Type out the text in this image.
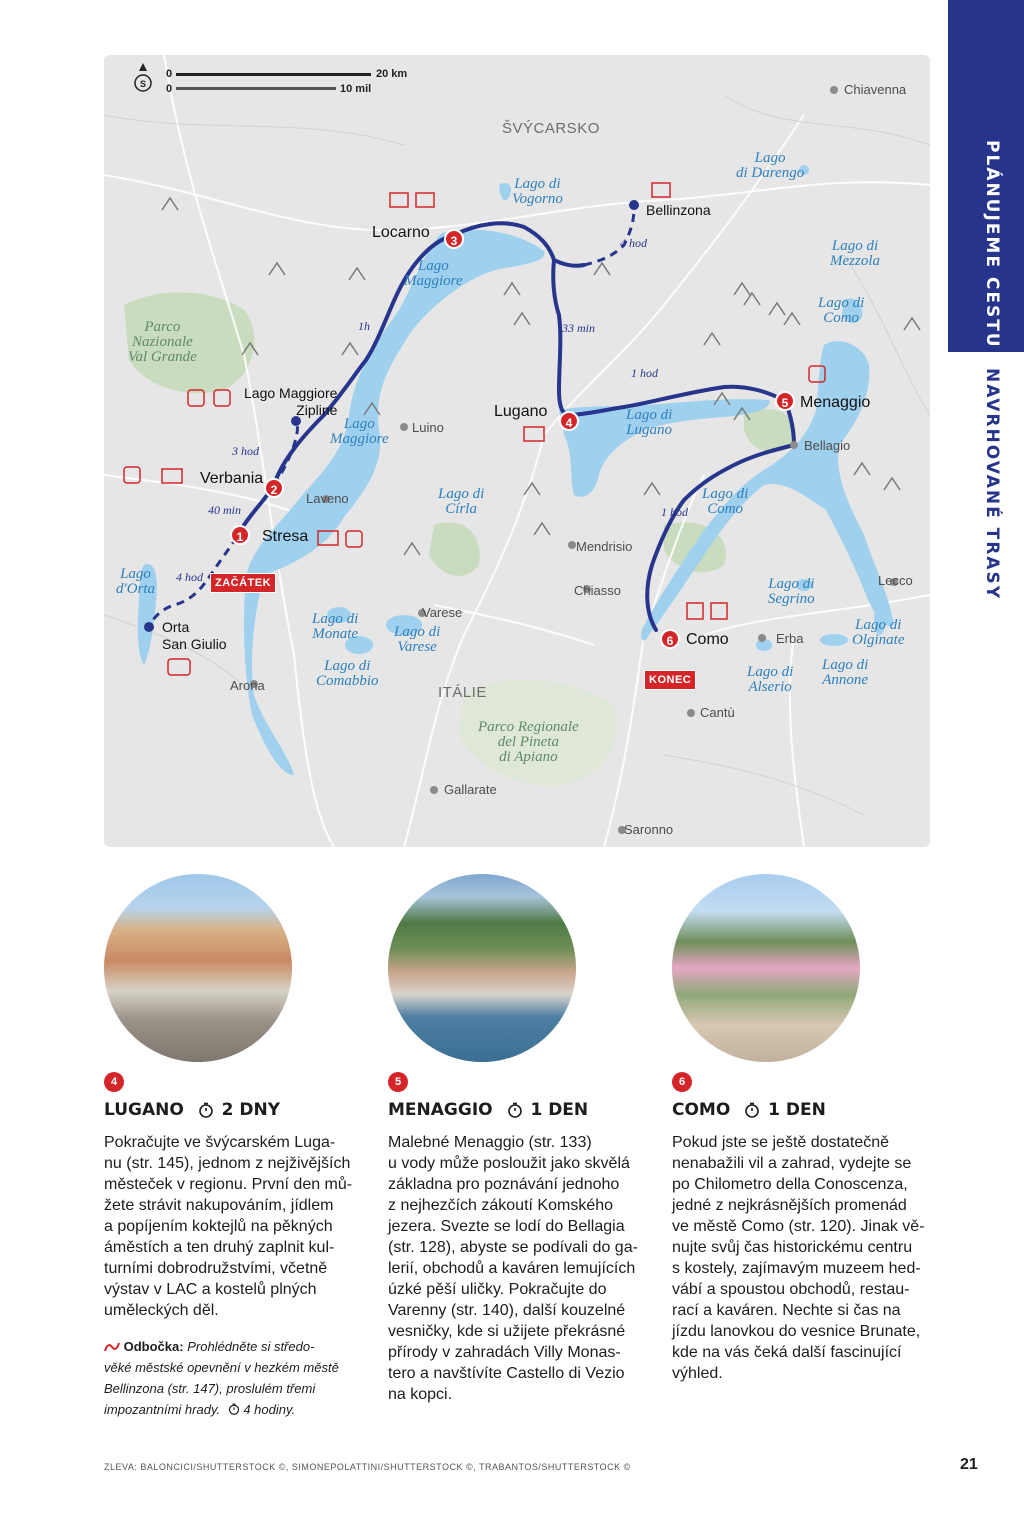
PLÁNUJEME CESTU
NAVRHOVANÉ TRASY
S
0
0
20 km
10 mil
ŠVÝCARSKO
ITÁLIE
Parco
Nazionale
Val Grande
Parco Regionale
del Pineta
di Apiano
Lago di
Vogorno
Lago
di Darengo
Lago di
Mezzola
Lago
Maggiore
Lago di
Como
Lago
Maggiore
Lago di
Lugano
Lago di
Como
Lago di
Círla
Lago
d'Orta
Lago di
Monate Lago di
Varese
Lago di
Comabbio
Lago di
Segrino
Lago di
Olginate
Lago di
Alserio
Lago di
Annone
Chiavenna
Luino
Laveno
Bellagio
Mendrisio
Chiasso
Varese
Erba
Lecco
Arona
Cantù
Gallarate
Saronno
Bellinzona
Lago Maggiore
Zipline
Orta
San Giulio
40 min
3 hod
4 hod
1h
4 hod
33 min
1 hod
1 hod
1	Stresa
ZAČÁTEK
2
Verbania
3
Locarno
4
Lugano	5 Menaggio
6 Como
KONEC
4
LUGANO 2 DNY
Pokračujte ve švýcarském Luga-
nu (str. 145), jednom z nejživějších
městeček v regionu. První den mů-
žete strávit nakupováním, jídlem
a popíjením koktejlů na pěkných
áměstích a ten druhý zaplnit kul-
turními dobrodružstvími, včetně
výstav v LAC a kostelů plných
uměleckých děl.
Odbočka: Prohlédněte si středo-
věké městské opevnění v hezkém městě
Bellinzona (str. 147), proslulém třemi
impozantními hrady. 4 hodiny.
5
MENAGGIO 1 DEN
Malebné Menaggio (str. 133)
u vody může posloužit jako skvělá
základna pro poznávání jednoho
z nejhezčích zákoutí Komského
jezera. Svezte se lodí do Bellagia
(str. 128), abyste se podívali do ga-
lerií, obchodů a kaváren lemujících
úzké pěší uličky. Pokračujte do
Varenny (str. 140), další kouzelné
vesničky, kde si užijete překrásné
přírody v zahradách Villy Monas-
tero a navštívíte Castello di Vezio
na kopci.
6
COMO 1 DEN
Pokud jste se ještě dostatečně
nenabažili vil a zahrad, vydejte se
po Chilometro della Conoscenza,
jedné z nejkrásnějších promenád
ve městě Como (str. 120). Jinak vě-
nujte svůj čas historickému centru
s kostely, zajímavým muzeem hed-
vábí a spoustou obchodů, restau-
rací a kaváren. Nechte si čas na
jízdu lanovkou do vesnice Brunate,
kde na vás čeká další fascinující
výhled.
ZLEVA: BALONCICI/SHUTTERSTOCK ©, SIMONEPOLATTINI/SHUTTERSTOCK ©, TRABANTOS/SHUTTERSTOCK ©	21
